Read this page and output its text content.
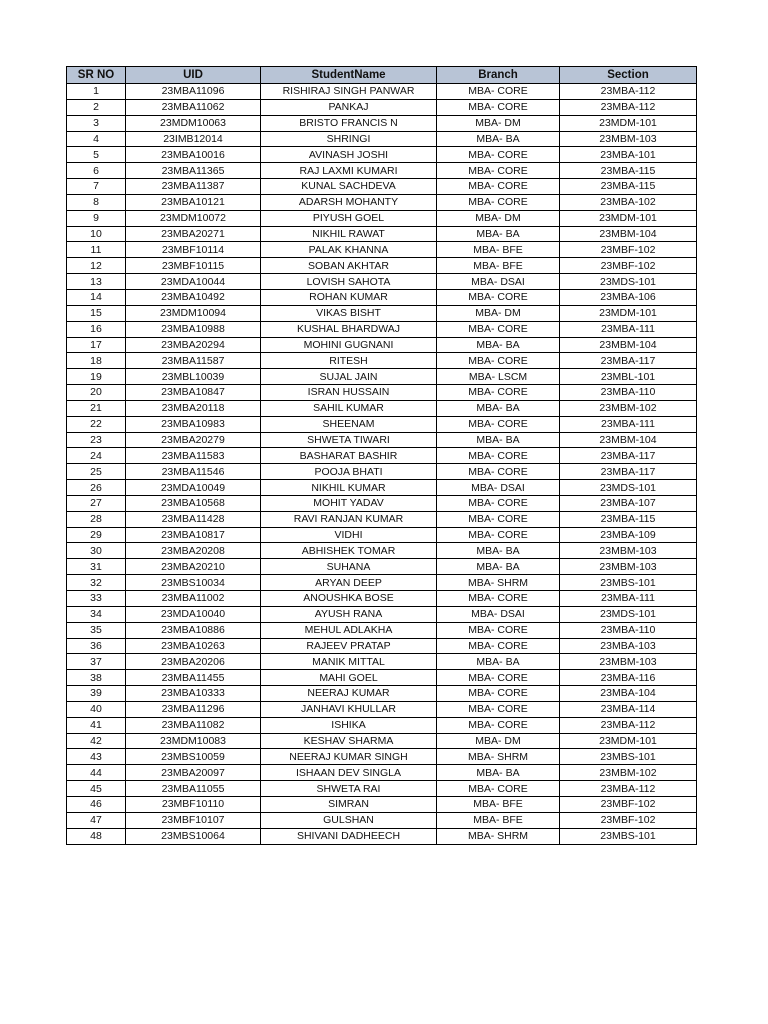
SR NO	UID	StudentName	Branch	Section
1	23MBA11096	RISHIRAJ SINGH PANWAR	MBA- CORE	23MBA-112
2	23MBA11062	PANKAJ	MBA- CORE	23MBA-112
3	23MDM10063	BRISTO FRANCIS N	MBA- DM	23MDM-101
4	23IMB12014	SHRINGI	MBA- BA	23MBM-103
5	23MBA10016	AVINASH JOSHI	MBA- CORE	23MBA-101
6	23MBA11365	RAJ LAXMI KUMARI	MBA- CORE	23MBA-115
7	23MBA11387	KUNAL SACHDEVA	MBA- CORE	23MBA-115
8	23MBA10121	ADARSH MOHANTY	MBA- CORE	23MBA-102
9	23MDM10072	PIYUSH GOEL	MBA- DM	23MDM-101
10	23MBA20271	NIKHIL RAWAT	MBA- BA	23MBM-104
11	23MBF10114	PALAK KHANNA	MBA- BFE	23MBF-102
12	23MBF10115	SOBAN AKHTAR	MBA- BFE	23MBF-102
13	23MDA10044	LOVISH SAHOTA	MBA- DSAI	23MDS-101
14	23MBA10492	ROHAN KUMAR	MBA- CORE	23MBA-106
15	23MDM10094	VIKAS BISHT	MBA- DM	23MDM-101
16	23MBA10988	KUSHAL BHARDWAJ	MBA- CORE	23MBA-111
17	23MBA20294	MOHINI GUGNANI	MBA- BA	23MBM-104
18	23MBA11587	RITESH	MBA- CORE	23MBA-117
19	23MBL10039	SUJAL JAIN	MBA- LSCM	23MBL-101
20	23MBA10847	ISRAN HUSSAIN	MBA- CORE	23MBA-110
21	23MBA20118	SAHIL KUMAR	MBA- BA	23MBM-102
22	23MBA10983	SHEENAM	MBA- CORE	23MBA-111
23	23MBA20279	SHWETA TIWARI	MBA- BA	23MBM-104
24	23MBA11583	BASHARAT BASHIR	MBA- CORE	23MBA-117
25	23MBA11546	POOJA BHATI	MBA- CORE	23MBA-117
26	23MDA10049	NIKHIL KUMAR	MBA- DSAI	23MDS-101
27	23MBA10568	MOHIT YADAV	MBA- CORE	23MBA-107
28	23MBA11428	RAVI RANJAN KUMAR	MBA- CORE	23MBA-115
29	23MBA10817	VIDHI	MBA- CORE	23MBA-109
30	23MBA20208	ABHISHEK TOMAR	MBA- BA	23MBM-103
31	23MBA20210	SUHANA	MBA- BA	23MBM-103
32	23MBS10034	ARYAN DEEP	MBA- SHRM	23MBS-101
33	23MBA11002	ANOUSHKA BOSE	MBA- CORE	23MBA-111
34	23MDA10040	AYUSH RANA	MBA- DSAI	23MDS-101
35	23MBA10886	MEHUL ADLAKHA	MBA- CORE	23MBA-110
36	23MBA10263	RAJEEV PRATAP	MBA- CORE	23MBA-103
37	23MBA20206	MANIK MITTAL	MBA- BA	23MBM-103
38	23MBA11455	MAHI GOEL	MBA- CORE	23MBA-116
39	23MBA10333	NEERAJ KUMAR	MBA- CORE	23MBA-104
40	23MBA11296	JANHAVI KHULLAR	MBA- CORE	23MBA-114
41	23MBA11082	ISHIKA	MBA- CORE	23MBA-112
42	23MDM10083	KESHAV SHARMA	MBA- DM	23MDM-101
43	23MBS10059	NEERAJ KUMAR SINGH	MBA- SHRM	23MBS-101
44	23MBA20097	ISHAAN DEV SINGLA	MBA- BA	23MBM-102
45	23MBA11055	SHWETA RAI	MBA- CORE	23MBA-112
46	23MBF10110	SIMRAN	MBA- BFE	23MBF-102
47	23MBF10107	GULSHAN	MBA- BFE	23MBF-102
48	23MBS10064	SHIVANI DADHEECH	MBA- SHRM	23MBS-101
